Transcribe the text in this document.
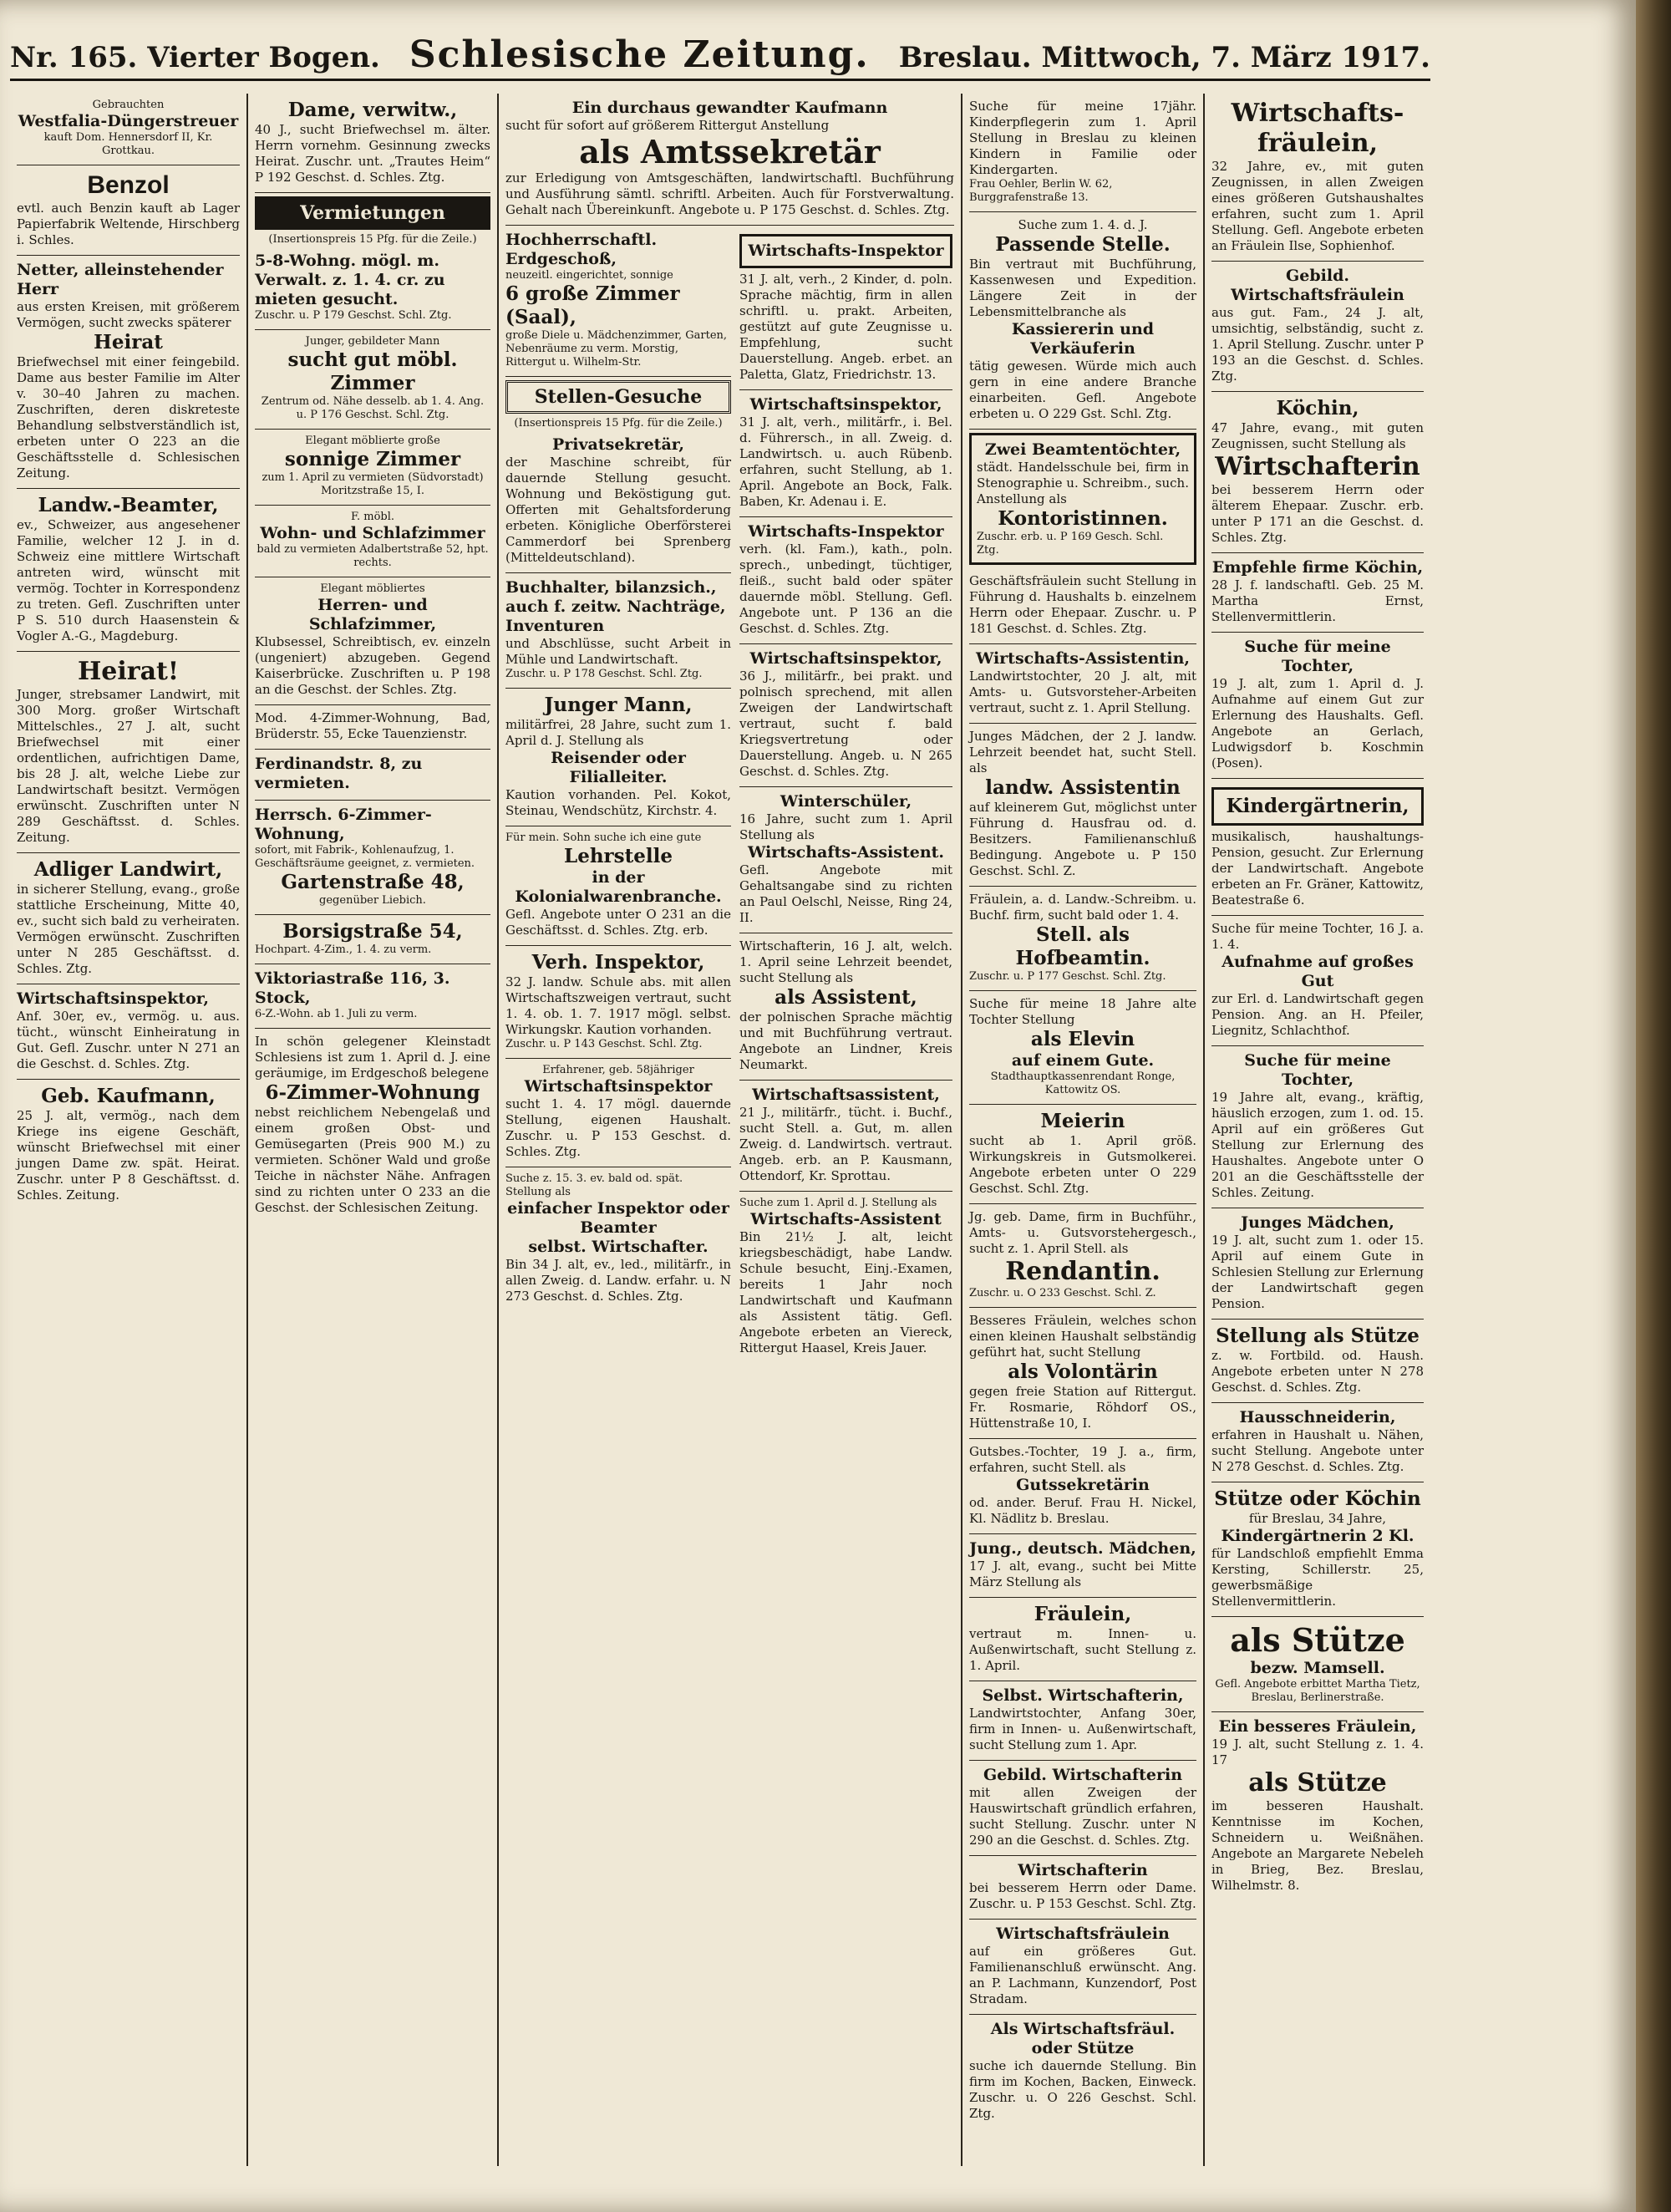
Nr. 165. Vierter Bogen. Schlesische Zeitung. Breslau. Mittwoch, 7. März 1917.
Gebrauchten
Westfalia-Düngerstreuer
kauft Dom. Hennersdorf II, Kr. Grottkau.
Benzol
evtl. auch Benzin kauft ab Lager Papierfabrik Weltende, Hirschberg i. Schles.
Netter, alleinstehender Herr
aus ersten Kreisen, mit größerem Vermögen, sucht zwecks späterer
Heirat
Briefwechsel mit einer feingebild. Dame aus bester Familie im Alter v. 30–40 Jahren zu machen. Zuschriften, deren diskreteste Behandlung selbstverständlich ist, erbeten unter O 223 an die Geschäftsstelle d. Schlesischen Zeitung.
Landw.-Beamter,
ev., Schweizer, aus angesehener Familie, welcher 12 J. in d. Schweiz eine mittlere Wirtschaft antreten wird, wünscht mit vermög. Tochter in Korrespondenz zu treten. Gefl. Zuschriften unter P S. 510 durch Haasenstein & Vogler A.-G., Magdeburg.
Heirat!
Junger, strebsamer Landwirt, mit 300 Morg. großer Wirtschaft Mittelschles., 27 J. alt, sucht Briefwechsel mit einer ordentlichen, aufrichtigen Dame, bis 28 J. alt, welche Liebe zur Landwirtschaft besitzt. Vermögen erwünscht. Zuschriften unter N 289 Geschäftsst. d. Schles. Zeitung.
Adliger Landwirt,
in sicherer Stellung, evang., große stattliche Erscheinung, Mitte 40, ev., sucht sich bald zu verheiraten. Vermögen erwünscht. Zuschriften unter N 285 Geschäftsst. d. Schles. Ztg.
Wirtschaftsinspektor,
Anf. 30er, ev., vermög. u. aus. tücht., wünscht Einheiratung in Gut. Gefl. Zuschr. unter N 271 an die Geschst. d. Schles. Ztg.
Geb. Kaufmann,
25 J. alt, vermög., nach dem Kriege ins eigene Geschäft, wünscht Briefwechsel mit einer jungen Dame zw. spät. Heirat. Zuschr. unter P 8 Geschäftsst. d. Schles. Zeitung.
Dame, verwitw.,
40 J., sucht Briefwechsel m. älter. Herrn vornehm. Gesinnung zwecks Heirat. Zuschr. unt. „Trautes Heim“ P 192 Geschst. d. Schles. Ztg.
Vermietungen
(Insertionspreis 15 Pfg. für die Zeile.)
5-8-Wohng. mögl. m. Verwalt. z. 1. 4. cr. zu mieten gesucht.
Zuschr. u. P 179 Geschst. Schl. Ztg.
Junger, gebildeter Mann
sucht gut möbl. Zimmer
Zentrum od. Nähe desselb. ab 1. 4. Ang. u. P 176 Geschst. Schl. Ztg.
Elegant möblierte große
sonnige Zimmer
zum 1. April zu vermieten (Südvorstadt) Moritzstraße 15, I.
F. möbl.
Wohn- und Schlafzimmer
bald zu vermieten Adalbertstraße 52, hpt. rechts.
Elegant möbliertes
Herren- und Schlafzimmer,
Klubsessel, Schreibtisch, ev. einzeln (ungeniert) abzugeben. Gegend Kaiserbrücke. Zuschriften u. P 198 an die Geschst. der Schles. Ztg.
Mod. 4-Zimmer-Wohnung, Bad, Brüderstr. 55, Ecke Tauenzienstr.
Ferdinandstr. 8, zu vermieten.
Herrsch. 6-Zimmer-Wohnung,
sofort, mit Fabrik-, Kohlenaufzug, 1. Geschäftsräume geeignet, z. vermieten.
Gartenstraße 48,
gegenüber Liebich.
Borsigstraße 54,
Hochpart. 4-Zim., 1. 4. zu verm.
Viktoriastraße 116, 3. Stock,
6-Z.-Wohn. ab 1. Juli zu verm.
In schön gelegener Kleinstadt Schlesiens ist zum 1. April d. J. eine geräumige, im Erdgeschoß belegene
6-Zimmer-Wohnung
nebst reichlichem Nebengelaß und einem großen Obst- und Gemüsegarten (Preis 900 M.) zu vermieten. Schöner Wald und große Teiche in nächster Nähe. Anfragen sind zu richten unter O 233 an die Geschst. der Schlesischen Zeitung.
Ein durchaus gewandter Kaufmann
sucht für sofort auf größerem Rittergut Anstellung
als Amtssekretär
zur Erledigung von Amtsgeschäften, landwirtschaftl. Buchführung und Ausführung sämtl. schriftl. Arbeiten. Auch für Forstverwaltung. Gehalt nach Übereinkunft. Angebote u. P 175 Geschst. d. Schles. Ztg.
Hochherrschaftl. Erdgeschoß,
neuzeitl. eingerichtet, sonnige
6 große Zimmer (Saal),
große Diele u. Mädchenzimmer, Garten, Nebenräume zu verm. Morstig, Rittergut u. Wilhelm-Str.
Stellen-Gesuche
(Insertionspreis 15 Pfg. für die Zeile.)
Privatsekretär,
der Maschine schreibt, für dauernde Stellung gesucht. Wohnung und Beköstigung gut. Offerten mit Gehaltsforderung erbeten. Königliche Oberförsterei Cammerdorf bei Sprenberg (Mitteldeutschland).
Buchhalter, bilanzsich., auch f. zeitw. Nachträge, Inventuren
und Abschlüsse, sucht Arbeit in Mühle und Landwirtschaft.
Zuschr. u. P 178 Geschst. Schl. Ztg.
Junger Mann,
militärfrei, 28 Jahre, sucht zum 1. April d. J. Stellung als
Reisender oder
Filialleiter.
Kaution vorhanden. Pel. Kokot, Steinau, Wendschütz, Kirchstr. 4.
Für mein. Sohn suche ich eine gute
Lehrstelle
in der Kolonialwarenbranche.
Gefl. Angebote unter O 231 an die Geschäftsst. d. Schles. Ztg. erb.
Verh. Inspektor,
32 J. landw. Schule abs. mit allen Wirtschaftszweigen vertraut, sucht 1. 4. ob. 1. 7. 1917 mögl. selbst. Wirkungskr. Kaution vorhanden.
Zuschr. u. P 143 Geschst. Schl. Ztg.
Erfahrener, geb. 58jähriger
Wirtschaftsinspektor
sucht 1. 4. 17 mögl. dauernde Stellung, eigenen Haushalt. Zuschr. u. P 153 Geschst. d. Schles. Ztg.
Suche z. 15. 3. ev. bald od. spät. Stellung als
einfacher Inspektor oder Beamter
selbst. Wirtschafter.
Bin 34 J. alt, ev., led., militärfr., in allen Zweig. d. Landw. erfahr. u. N 273 Geschst. d. Schles. Ztg.
Wirtschafts-Inspektor
31 J. alt, verh., 2 Kinder, d. poln. Sprache mächtig, firm in allen schriftl. u. prakt. Arbeiten, gestützt auf gute Zeugnisse u. Empfehlung, sucht Dauerstellung. Angeb. erbet. an Paletta, Glatz, Friedrichstr. 13.
Wirtschaftsinspektor,
31 J. alt, verh., militärfr., i. Bel. d. Führersch., in all. Zweig. d. Landwirtsch. u. auch Rübenb. erfahren, sucht Stellung, ab 1. April. Angebote an Bock, Falk. Baben, Kr. Adenau i. E.
Wirtschafts-Inspektor
verh. (kl. Fam.), kath., poln. sprech., unbedingt, tüchtiger, fleiß., sucht bald oder später dauernde möbl. Stellung. Gefl. Angebote unt. P 136 an die Geschst. d. Schles. Ztg.
Wirtschaftsinspektor,
36 J., militärfr., bei prakt. und polnisch sprechend, mit allen Zweigen der Landwirtschaft vertraut, sucht f. bald Kriegsvertretung oder Dauerstellung. Angeb. u. N 265 Geschst. d. Schles. Ztg.
Winterschüler,
16 Jahre, sucht zum 1. April Stellung als
Wirtschafts-Assistent.
Gefl. Angebote mit Gehaltsangabe sind zu richten an Paul Oelschl, Neisse, Ring 24, II.
Wirtschafterin, 16 J. alt, welch. 1. April seine Lehrzeit beendet, sucht Stellung als
als Assistent,
der polnischen Sprache mächtig und mit Buchführung vertraut. Angebote an Lindner, Kreis Neumarkt.
Wirtschaftsassistent,
21 J., militärfr., tücht. i. Buchf., sucht Stell. a. Gut, m. allen Zweig. d. Landwirtsch. vertraut. Angeb. erb. an P. Kausmann, Ottendorf, Kr. Sprottau.
Suche zum 1. April d. J. Stellung als
Wirtschafts-Assistent
Bin 21½ J. alt, leicht kriegsbeschädigt, habe Landw. Schule besucht, Einj.-Examen, bereits 1 Jahr noch Landwirtschaft und Kaufmann als Assistent tätig. Gefl. Angebote erbeten an Viereck, Rittergut Haasel, Kreis Jauer.
Suche für meine 17jähr. Kinderpflegerin zum 1. April Stellung in Breslau zu kleinen Kindern in Familie oder Kindergarten.
Frau Oehler, Berlin W. 62, Burggrafenstraße 13.
Suche zum 1. 4. d. J.
Passende Stelle.
Bin vertraut mit Buchführung, Kassenwesen und Expedition. Längere Zeit in der Lebensmittelbranche als
Kassiererin und Verkäuferin
tätig gewesen. Würde mich auch gern in eine andere Branche einarbeiten. Gefl. Angebote erbeten u. O 229 Gst. Schl. Ztg.
Zwei Beamtentöchter,
städt. Handelsschule bei, firm in Stenographie u. Schreibm., such. Anstellung als
Kontoristinnen.
Zuschr. erb. u. P 169 Gesch. Schl. Ztg.
Geschäftsfräulein sucht Stellung in Führung d. Haushalts b. einzelnem Herrn oder Ehepaar. Zuschr. u. P 181 Geschst. d. Schles. Ztg.
Wirtschafts-Assistentin,
Landwirtstochter, 20 J. alt, mit Amts- u. Gutsvorsteher-Arbeiten vertraut, sucht z. 1. April Stellung.
Junges Mädchen, der 2 J. landw. Lehrzeit beendet hat, sucht Stell. als
landw. Assistentin
auf kleinerem Gut, möglichst unter Führung d. Hausfrau od. d. Besitzers. Familienanschluß Bedingung. Angebote u. P 150 Geschst. Schl. Z.
Fräulein, a. d. Landw.-Schreibm. u. Buchf. firm, sucht bald oder 1. 4.
Stell. als Hofbeamtin.
Zuschr. u. P 177 Geschst. Schl. Ztg.
Suche für meine 18 Jahre alte Tochter Stellung
als Elevin
auf einem Gute.
Stadthauptkassenrendant Ronge, Kattowitz OS.
Meierin
sucht ab 1. April größ. Wirkungskreis in Gutsmolkerei. Angebote erbeten unter O 229 Geschst. Schl. Ztg.
Jg. geb. Dame, firm in Buchführ., Amts- u. Gutsvorstehergesch., sucht z. 1. April Stell. als
Rendantin.
Zuschr. u. O 233 Geschst. Schl. Z.
Besseres Fräulein, welches schon einen kleinen Haushalt selbständig geführt hat, sucht Stellung
als Volontärin
gegen freie Station auf Rittergut. Fr. Rosmarie, Röhdorf OS., Hüttenstraße 10, I.
Gutsbes.-Tochter, 19 J. a., firm, erfahren, sucht Stell. als
Gutssekretärin
od. ander. Beruf. Frau H. Nickel, Kl. Nädlitz b. Breslau.
Jung., deutsch. Mädchen,
17 J. alt, evang., sucht bei Mitte März Stellung als
Fräulein,
vertraut m. Innen- u. Außenwirtschaft, sucht Stellung z. 1. April.
Selbst. Wirtschafterin,
Landwirtstochter, Anfang 30er, firm in Innen- u. Außenwirtschaft, sucht Stellung zum 1. Apr.
Gebild. Wirtschafterin
mit allen Zweigen der Hauswirtschaft gründlich erfahren, sucht Stellung. Zuschr. unter N 290 an die Geschst. d. Schles. Ztg.
Wirtschafterin
bei besserem Herrn oder Dame. Zuschr. u. P 153 Geschst. Schl. Ztg.
Wirtschaftsfräulein
auf ein größeres Gut. Familienanschluß erwünscht. Ang. an P. Lachmann, Kunzendorf, Post Stradam.
Als Wirtschaftsfräul. oder Stütze
suche ich dauernde Stellung. Bin firm im Kochen, Backen, Einweck. Zuschr. u. O 226 Geschst. Schl. Ztg.
Wirtschafts-fräulein,
32 Jahre, ev., mit guten Zeugnissen, in allen Zweigen eines größeren Gutshaushaltes erfahren, sucht zum 1. April Stellung. Gefl. Angebote erbeten an Fräulein Ilse, Sophienhof.
Gebild. Wirtschaftsfräulein
aus gut. Fam., 24 J. alt, umsichtig, selbständig, sucht z. 1. April Stellung. Zuschr. unter P 193 an die Geschst. d. Schles. Ztg.
Köchin,
47 Jahre, evang., mit guten Zeugnissen, sucht Stellung als
Wirtschafterin
bei besserem Herrn oder älterem Ehepaar. Zuschr. erb. unter P 171 an die Geschst. d. Schles. Ztg.
Empfehle firme Köchin,
28 J. f. landschaftl. Geb. 25 M. Martha Ernst, Stellenvermittlerin.
Suche für meine Tochter,
19 J. alt, zum 1. April d. J. Aufnahme auf einem Gut zur Erlernung des Haushalts. Gefl. Angebote an Gerlach, Ludwigsdorf b. Koschmin (Posen).
Kindergärtnerin,
musikalisch, haushaltungs-Pension, gesucht. Zur Erlernung der Landwirtschaft. Angebote erbeten an Fr. Gräner, Kattowitz, Beatestraße 6.
Suche für meine Tochter, 16 J. a. 1. 4.
Aufnahme auf großes Gut
zur Erl. d. Landwirtschaft gegen Pension. Ang. an H. Pfeiler, Liegnitz, Schlachthof.
Suche für meine Tochter,
19 Jahre alt, evang., kräftig, häuslich erzogen, zum 1. od. 15. April auf ein größeres Gut Stellung zur Erlernung des Haushaltes. Angebote unter O 201 an die Geschäftsstelle der Schles. Zeitung.
Junges Mädchen,
19 J. alt, sucht zum 1. oder 15. April auf einem Gute in Schlesien Stellung zur Erlernung der Landwirtschaft gegen Pension.
Stellung als Stütze
z. w. Fortbild. od. Haush. Angebote erbeten unter N 278 Geschst. d. Schles. Ztg.
Hausschneiderin,
erfahren in Haushalt u. Nähen, sucht Stellung. Angebote unter N 278 Geschst. d. Schles. Ztg.
Stütze oder Köchin
für Breslau, 34 Jahre,
Kindergärtnerin 2 Kl.
für Landschloß empfiehlt Emma Kersting, Schillerstr. 25, gewerbsmäßige Stellenvermittlerin.
als Stütze
bezw. Mamsell.
Gefl. Angebote erbittet Martha Tietz, Breslau, Berlinerstraße.
Ein besseres Fräulein,
19 J. alt, sucht Stellung z. 1. 4. 17
als Stütze
im besseren Haushalt. Kenntnisse im Kochen, Schneidern u. Weißnähen. Angebote an Margarete Nebeleh in Brieg, Bez. Breslau, Wilhelmstr. 8.
